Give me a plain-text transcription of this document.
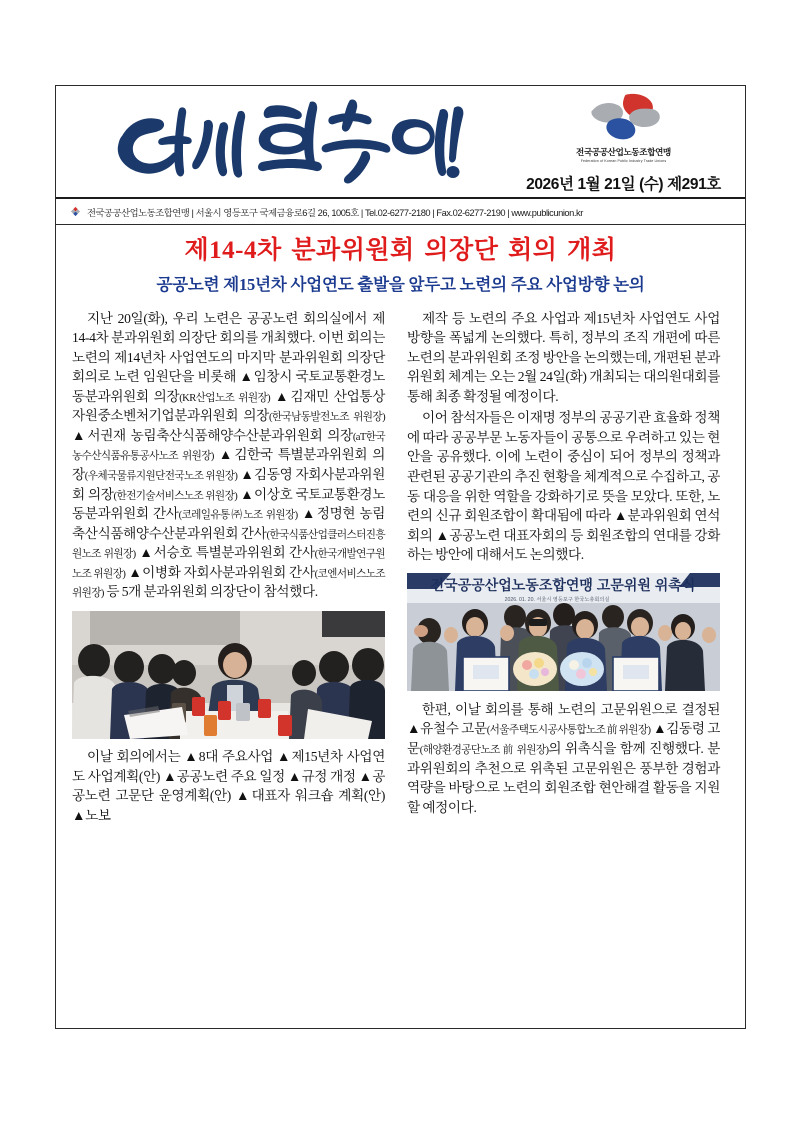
전국공공산업노동조합연맹
Federation of Korean Public Industry Trade Unions
2026년 1월 21일 (수) 제291호
전국공공산업노동조합연맹 | 서울시 영등포구 국제금융로6길 26, 1005호 | Tel.02-6277-2180 | Fax.02-6277-2190 | www.publicunion.kr
제14-4차 분과위원회 의장단 회의 개최
공공노련 제15년차 사업연도 출발을 앞두고 노련의 주요 사업방향 논의

지난 20일(화), 우리 노련은 공공노련 회의실에서 제14-4차 분과위원회 의장단 회의를 개최했다. 이번 회의는 노련의 제14년차 사업연도의 마지막 분과위원회 의장단 회의로 노련 임원단을 비롯해 ▲임창시 국토교통환경노동분과위원회 의장(KR산업노조 위원장) ▲김재민 산업통상자원중소벤처기업분과위원회 의장(한국남동발전노조 위원장) ▲서권재 농림축산식품해양수산분과위원회 의장(aT한국농수산식품유통공사노조 위원장) ▲김한국 특별분과위원회 의장(우체국물류지원단전국노조 위원장) ▲김동영 자회사분과위원회 의장(한전기술서비스노조 위원장) ▲이상호 국토교통환경노동분과위원회 간사(코레일유통㈜노조 위원장) ▲정명현 농림축산식품해양수산분과위원회 간사(한국식품산업클러스터진흥원노조 위원장) ▲서승호 특별분과위원회 간사(한국개발연구원노조 위원장) ▲이병화 자회사분과위원회 간사(코엔서비스노조 위원장) 등 5개 분과위원회 의장단이 참석했다.

이날 회의에서는 ▲8대 주요사업 ▲제15년차 사업연도 사업계획(안) ▲공공노련 주요 일정 ▲규정 개정 ▲공공노련 고문단 운영계획(안) ▲대표자 워크숍 계획(안) ▲노보

제작 등 노련의 주요 사업과 제15년차 사업연도 사업방향을 폭넓게 논의했다. 특히, 정부의 조직 개편에 따른 노련의 분과위원회 조정 방안을 논의했는데, 개편된 분과위원회 체계는 오는 2월 24일(화) 개최되는 대의원대회를 통해 최종 확정될 예정이다.

이어 참석자들은 이재명 정부의 공공기관 효율화 정책에 따라 공공부문 노동자들이 공통으로 우려하고 있는 현안을 공유했다. 이에 노련이 중심이 되어 정부의 정책과 관련된 공공기관의 추진 현황을 체계적으로 수집하고, 공동 대응을 위한 역할을 강화하기로 뜻을 모았다. 또한, 노련의 신규 회원조합이 확대됨에 따라 ▲분과위원회 연석회의 ▲공공노련 대표자회의 등 회원조합의 연대를 강화하는 방안에 대해서도 논의했다.

전국공공산업노동조합연맹 고문위원 위촉식
2026. 01. 20. 서울시 영등포구 한국노총회의실

한편, 이날 회의를 통해 노련의 고문위원으로 결정된 ▲유철수 고문(서울주택도시공사통합노조 前 위원장) ▲김동령 고문(해양환경공단노조 前 위원장)의 위촉식을 함께 진행했다. 분과위원회의 추천으로 위촉된 고문위원은 풍부한 경험과 역량을 바탕으로 노련의 회원조합 현안해결 활동을 지원할 예정이다.
